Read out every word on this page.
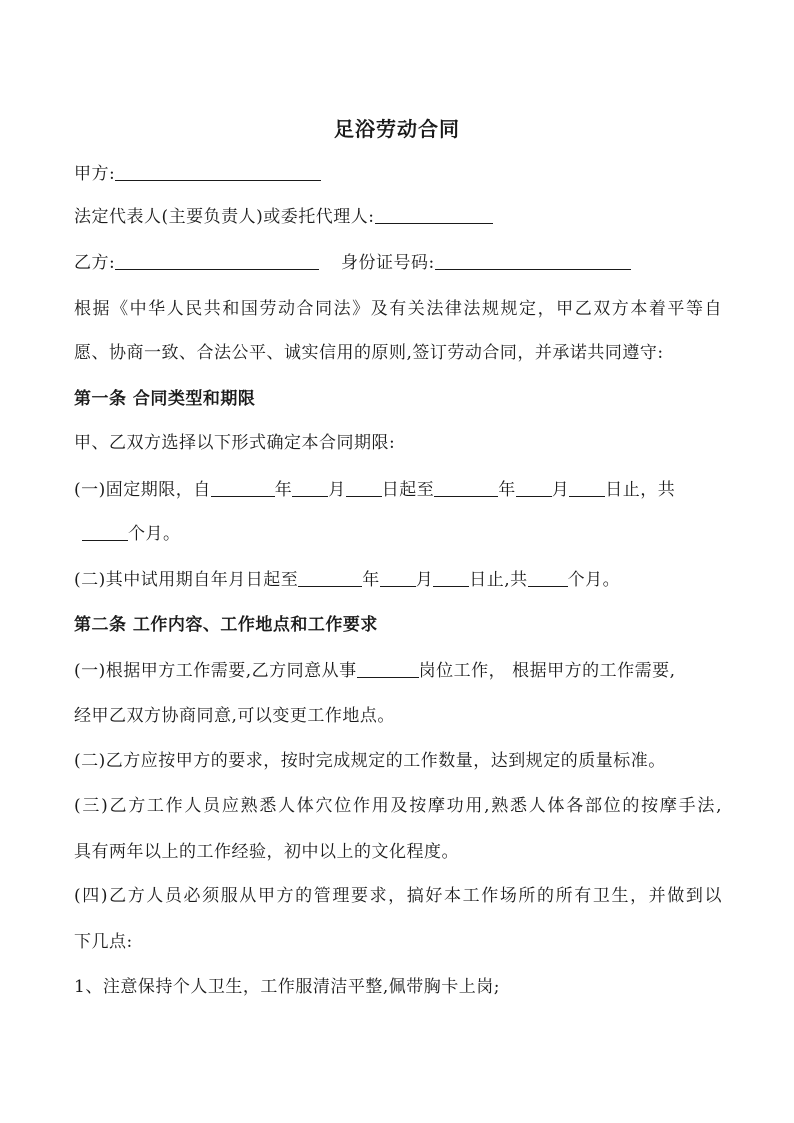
足浴劳动合同
甲方:
法定代表人(主要负责人)或委托代理人:
乙方:	身份证号码:
根据《中华人民共和国劳动合同法》及有关法律法规规定，甲乙双方本着平等自
愿、协商一致、合法公平、诚实信用的原则,签订劳动合同，并承诺共同遵守:
第一条 合同类型和期限
甲、乙双方选择以下形式确定本合同期限:
(一)固定期限，自	年 月 日起至	年 月 日止，共
个月。
(二)其中试用期自年月日起至	年 月 日止,共 个月。
第二条 工作内容、工作地点和工作要求
(一)根据甲方工作需要,乙方同意从事	岗位工作， 根据甲方的工作需要,
经甲乙双方协商同意,可以变更工作地点。
(二)乙方应按甲方的要求，按时完成规定的工作数量，达到规定的质量标准。
(三)乙方工作人员应熟悉人体穴位作用及按摩功用,熟悉人体各部位的按摩手法,
具有两年以上的工作经验，初中以上的文化程度。
(四)乙方人员必须服从甲方的管理要求，搞好本工作场所的所有卫生，并做到以
下几点:
1、注意保持个人卫生，工作服清洁平整,佩带胸卡上岗;
